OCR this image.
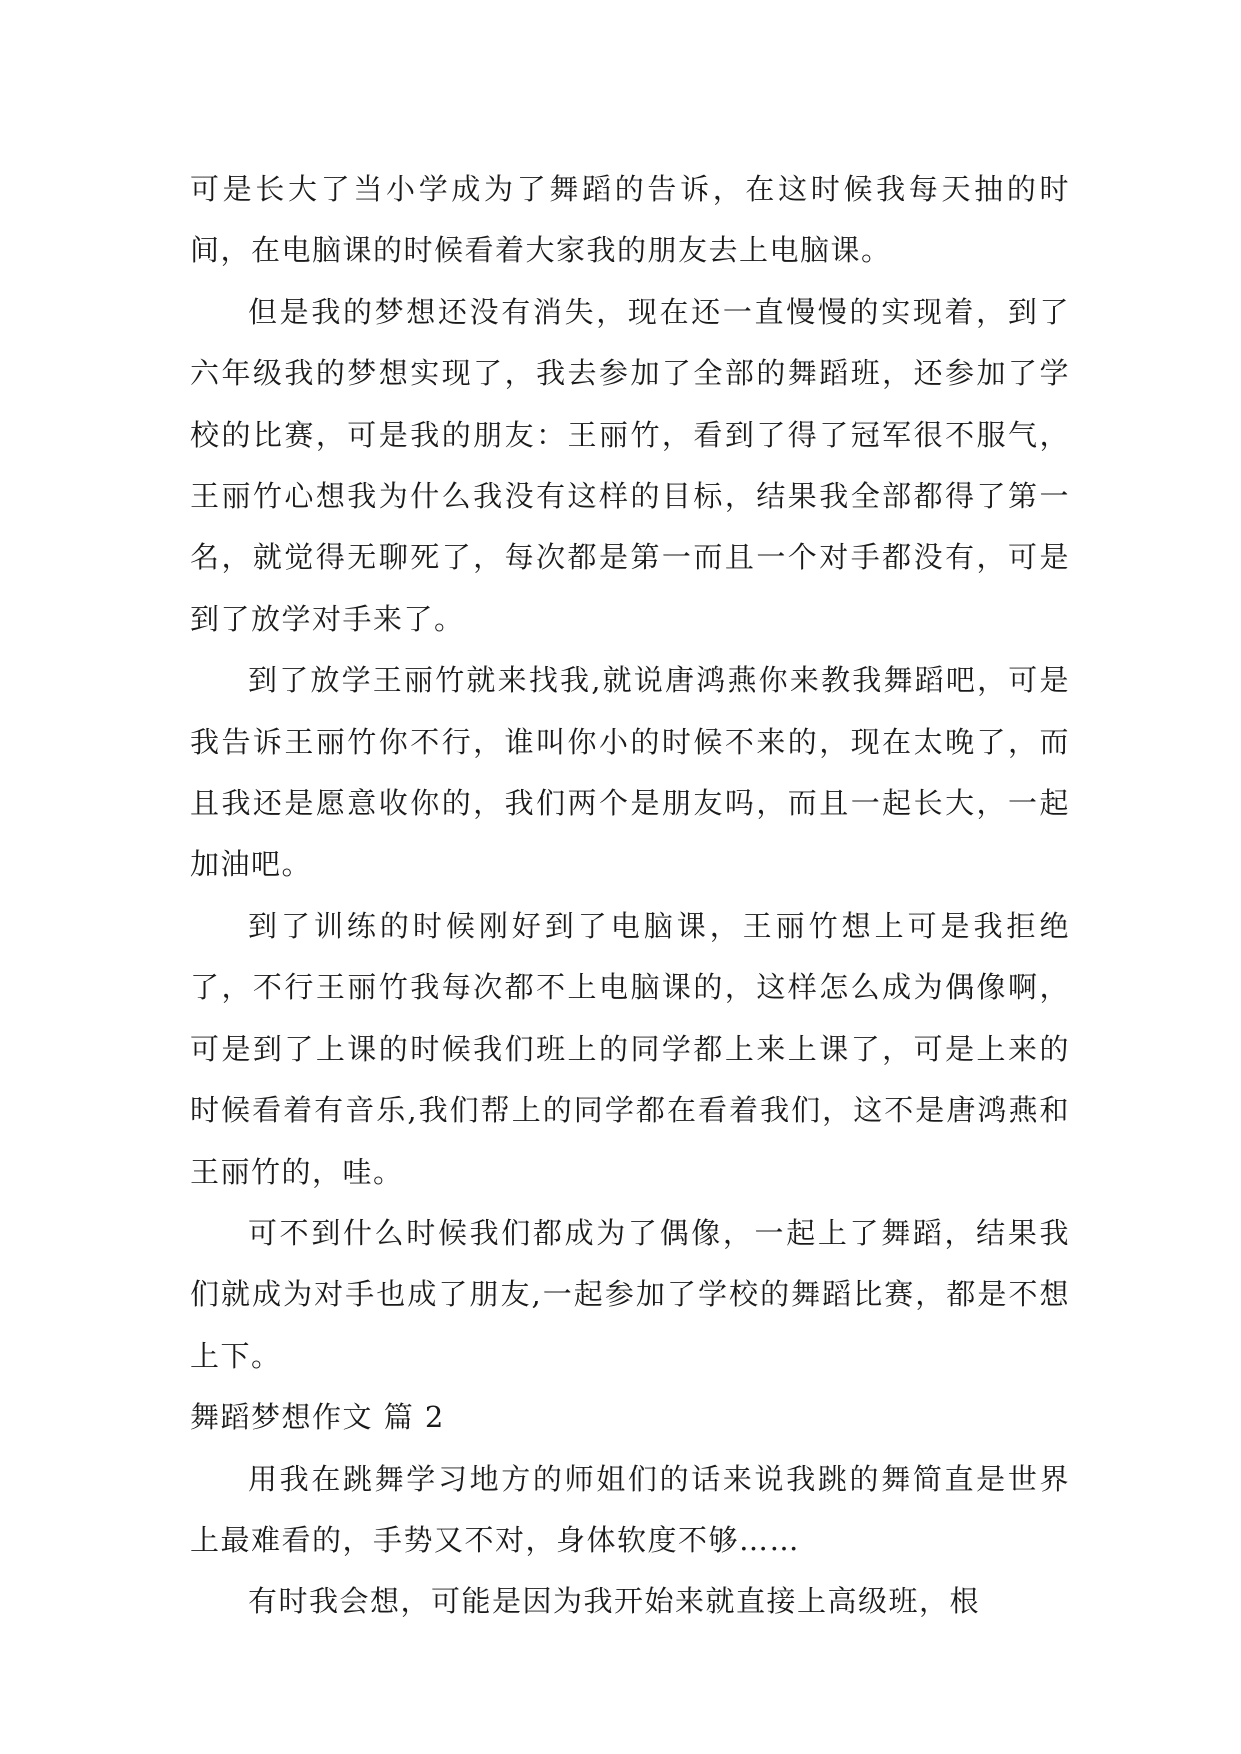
可是长大了当小学成为了舞蹈的告诉，在这时候我每天抽的时间，在电脑课的时候看着大家我的朋友去上电脑课。

但是我的梦想还没有消失，现在还一直慢慢的实现着，到了六年级我的梦想实现了，我去参加了全部的舞蹈班，还参加了学校的比赛，可是我的朋友：王丽竹，看到了得了冠军很不服气，王丽竹心想我为什么我没有这样的目标，结果我全部都得了第一名，就觉得无聊死了，每次都是第一而且一个对手都没有，可是到了放学对手来了。

到了放学王丽竹就来找我,就说唐鸿燕你来教我舞蹈吧，可是我告诉王丽竹你不行，谁叫你小的时候不来的，现在太晚了，而且我还是愿意收你的，我们两个是朋友吗，而且一起长大，一起加油吧。

到了训练的时候刚好到了电脑课，王丽竹想上可是我拒绝了，不行王丽竹我每次都不上电脑课的，这样怎么成为偶像啊，可是到了上课的时候我们班上的同学都上来上课了，可是上来的时候看着有音乐,我们帮上的同学都在看着我们，这不是唐鸿燕和王丽竹的，哇。

可不到什么时候我们都成为了偶像，一起上了舞蹈，结果我们就成为对手也成了朋友,一起参加了学校的舞蹈比赛，都是不想上下。

舞蹈梦想作文 篇 2

用我在跳舞学习地方的师姐们的话来说我跳的舞简直是世界上最难看的，手势又不对，身体软度不够……

有时我会想，可能是因为我开始来就直接上高级班，根
